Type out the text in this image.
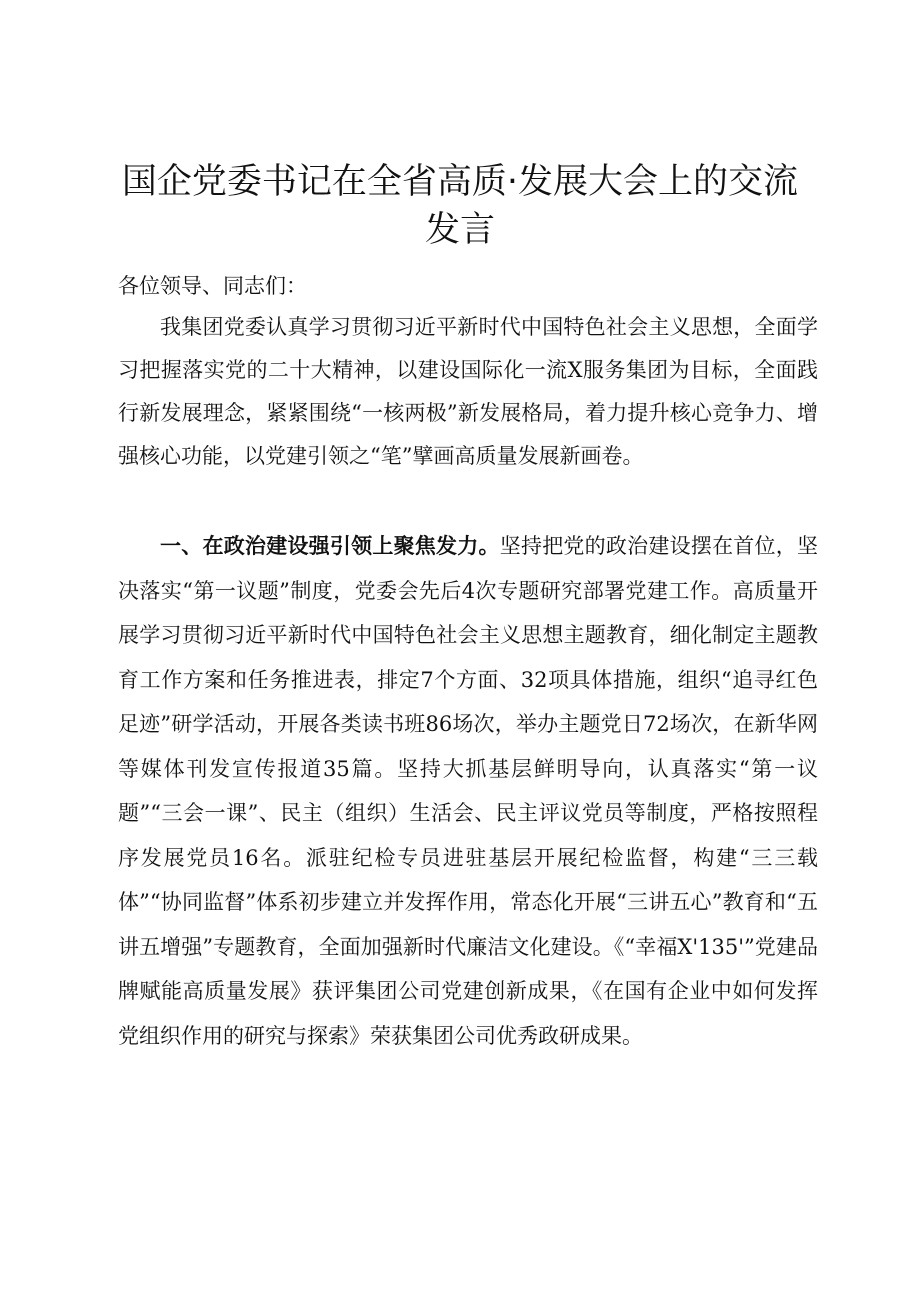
国企党委书记在全省高质·发展大会上的交流发言

各位领导、同志们：

我集团党委认真学习贯彻习近平新时代中国特色社会主义思想，全面学习把握落实党的二十大精神，以建设国际化一流X服务集团为目标，全面践行新发展理念，紧紧围绕“一核两极”新发展格局，着力提升核心竞争力、增强核心功能，以党建引领之“笔”擘画高质量发展新画卷。

一、在政治建设强引领上聚焦发力。坚持把党的政治建设摆在首位，坚决落实“第一议题”制度，党委会先后4次专题研究部署党建工作。高质量开展学习贯彻习近平新时代中国特色社会主义思想主题教育，细化制定主题教育工作方案和任务推进表，排定7个方面、32项具体措施，组织“追寻红色足迹”研学活动，开展各类读书班86场次，举办主题党日72场次，在新华网等媒体刊发宣传报道35篇。坚持大抓基层鲜明导向，认真落实“第一议题”“三会一课”、民主（组织）生活会、民主评议党员等制度，严格按照程序发展党员16名。派驻纪检专员进驻基层开展纪检监督，构建“三三载体”“协同监督”体系初步建立并发挥作用，常态化开展“三讲五心”教育和“五讲五增强”专题教育，全面加强新时代廉洁文化建设。《“幸福X'135'”党建品牌赋能高质量发展》获评集团公司党建创新成果，《在国有企业中如何发挥党组织作用的研究与探索》荣获集团公司优秀政研成果。
